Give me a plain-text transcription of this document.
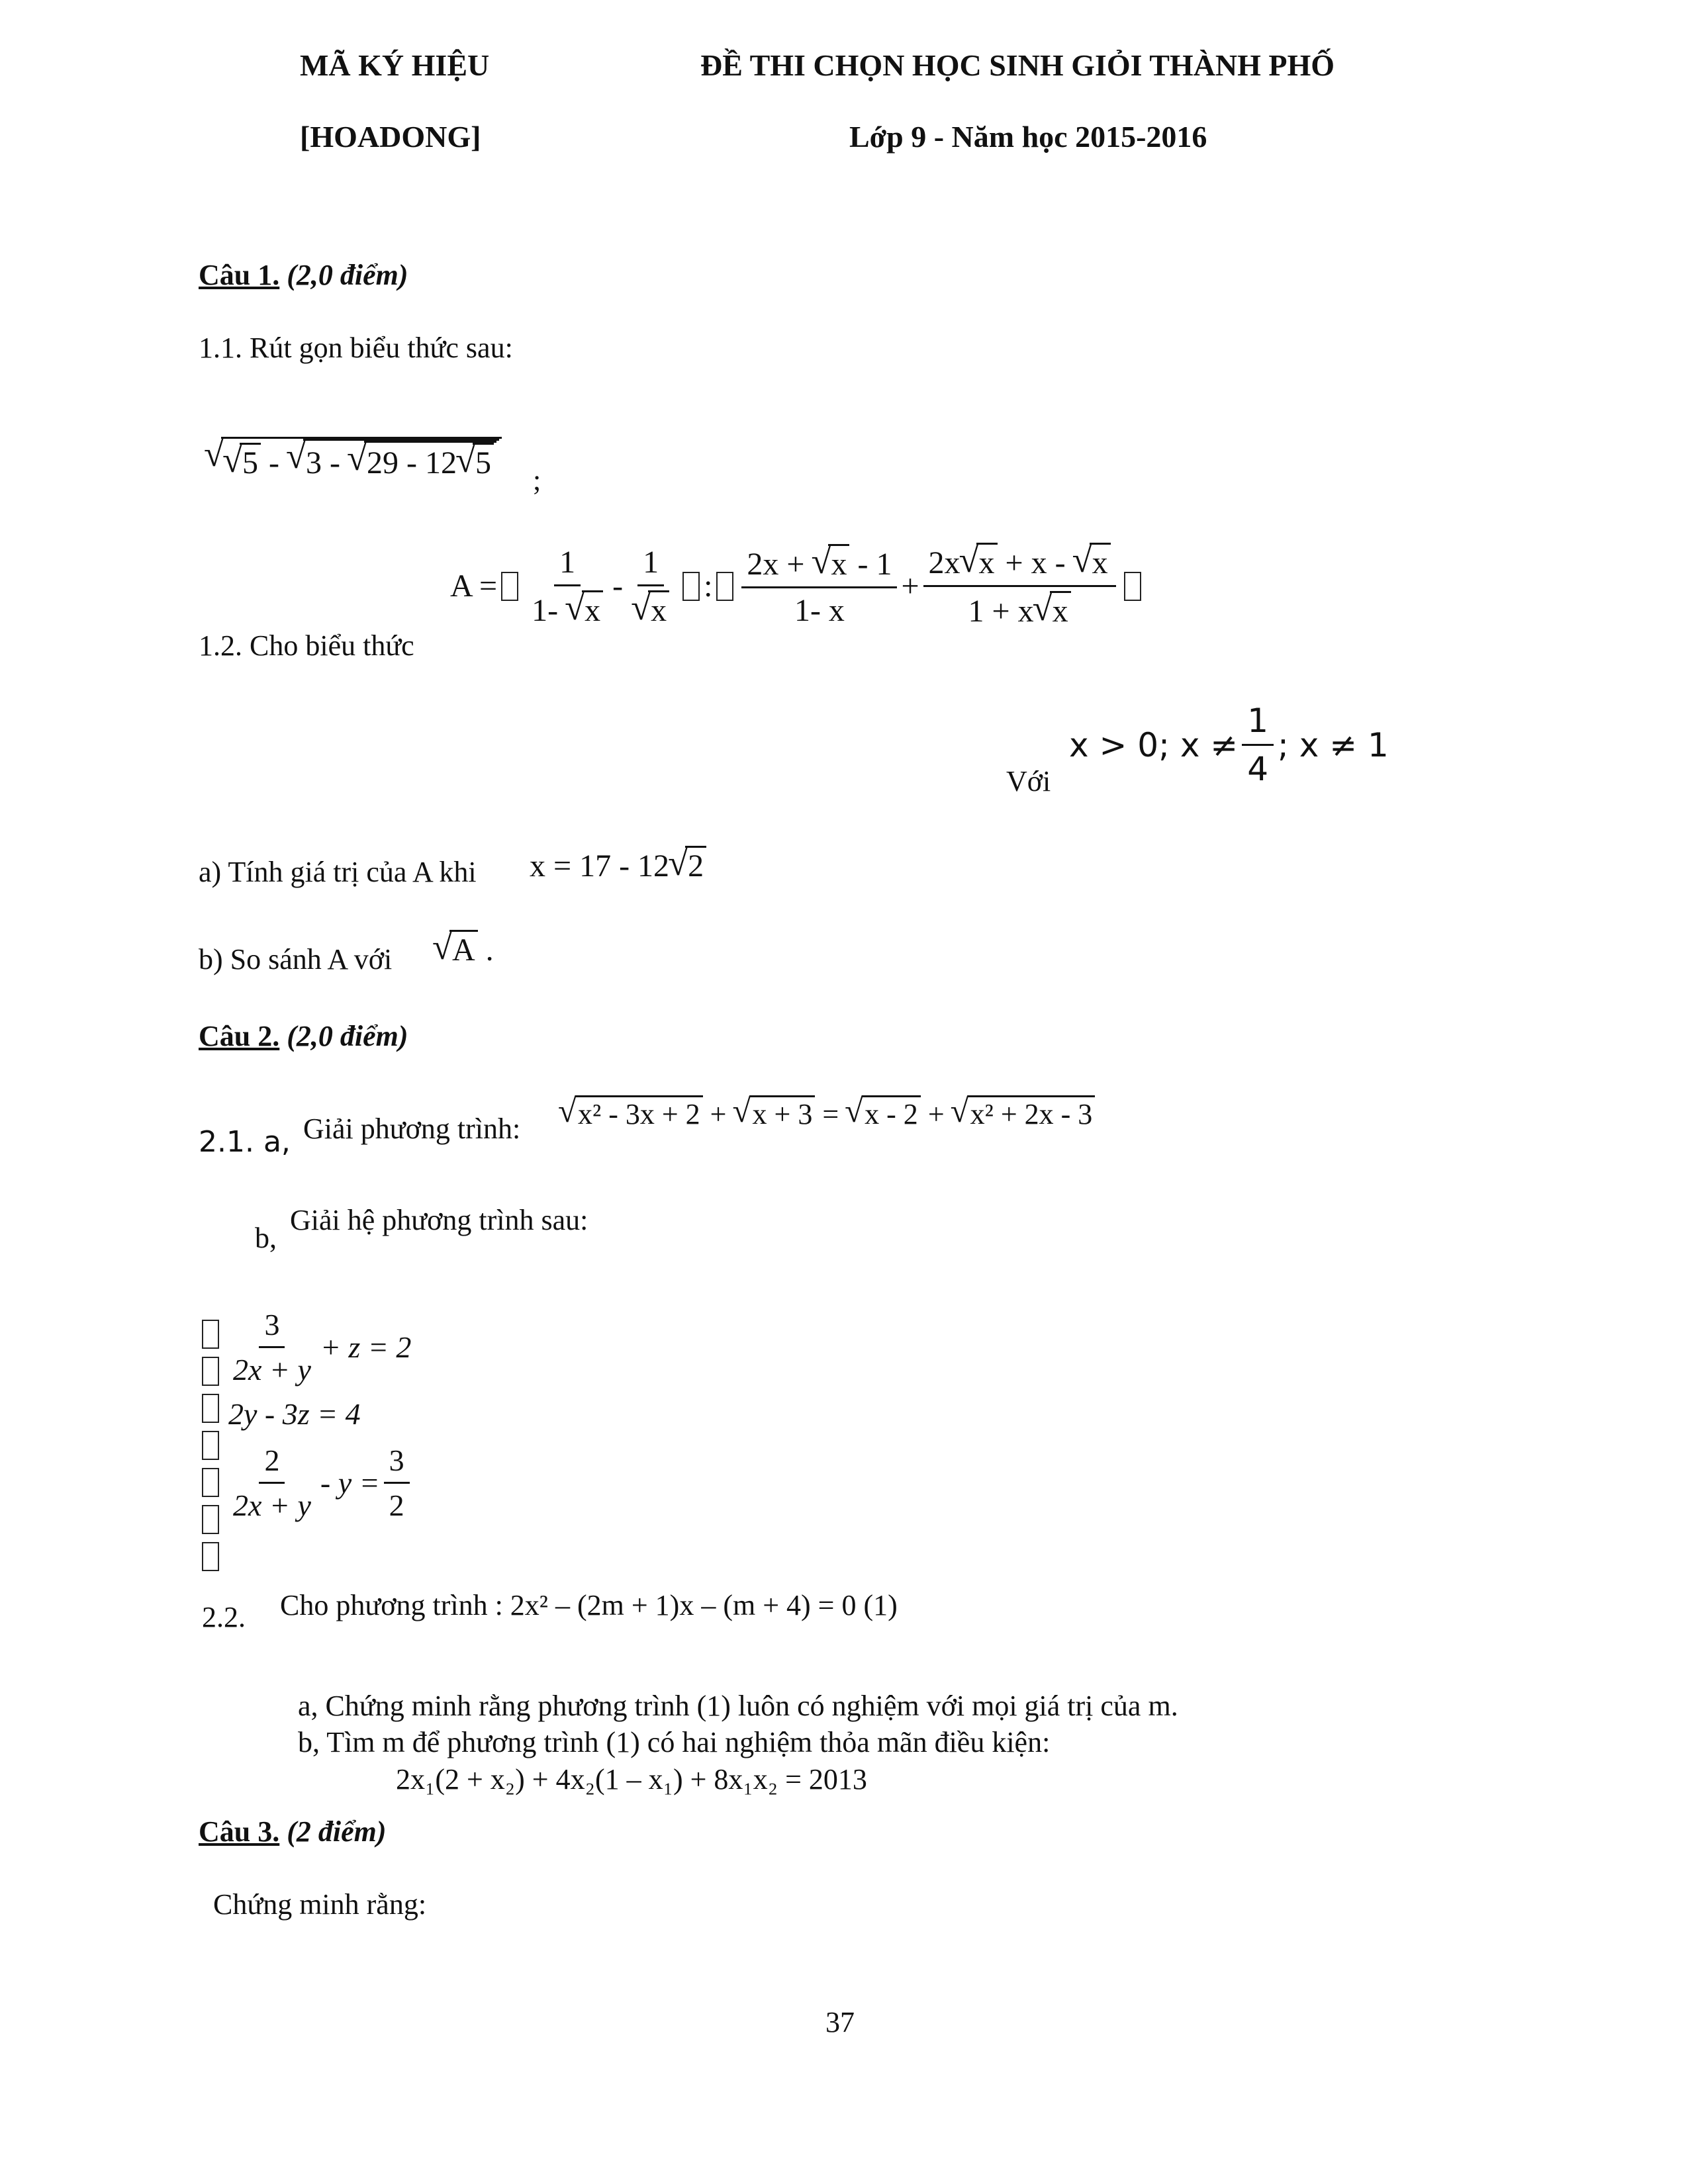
MÃ KÝ HIỆU
[HOADONG]
ĐỀ THI CHỌN HỌC SINH GIỎI THÀNH PHỐ
Lớp 9 - Năm học 2015-2016
Câu 1. (2,0 điểm)
1.1. Rút gọn biểu thức sau:
√ √ 5 - √ 3 - √ 29 - 12 √ 5	;
$A = \frac{1}{1- √ x} - 1$
√ x : $\frac{2x + √ x - 1}{1- x} + \frac{2x √ x + x - √ x}{1 + x √ x}$
1.2. Cho biểu thức
Với
x > 0; $x \ne \frac{1}{4}$ ; x ≠ 1
a) Tính giá trị của A khi x = 17 - 12 √ 2
b) So sánh A với	√ A .
Câu 2. (2,0 điểm)
2.1. a, Giải phương trình:	√ x² - 3x + 2 + √ x + 3 = √ x - 2 + √ x² + 2x - 3
b,
Giải hệ phương trình sau:
$\frac{3}{2x + y} + z = 2$
2y - 3z = 4
$\frac{2}{2x + y} - y = \frac{3}{2}$
2.2. Cho phương trình : 2x² – (2m + 1)x – (m + 4) = 0 (1)
a, Chứng minh rằng phương trình (1) luôn có nghiệm với mọi giá trị của m.
b, Tìm m để phương trình (1) có hai nghiệm thỏa mãn điều kiện:
2x₁(2 + x₂) + 4x₂(1 – x₁) + 8x₁x₂ = 2013
Câu 3. (2 điểm)
Chứng minh rằng:
37
